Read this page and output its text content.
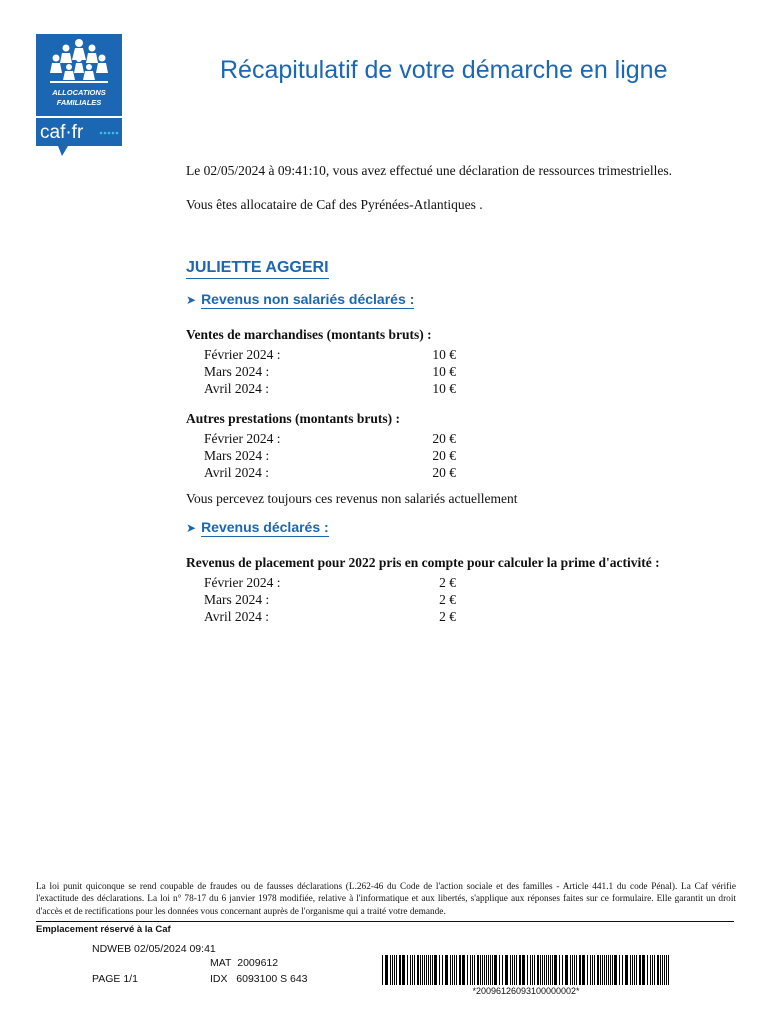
ALLOCATIONS
FAMILIALES
caf·fr
Récapitulatif de votre démarche en ligne

Le 02/05/2024 à 09:41:10, vous avez effectué une déclaration de ressources trimestrielles.

Vous êtes allocataire de Caf des Pyrénées-Atlantiques .

JULIETTE AGGERI
➤ Revenus non salariés déclarés :
Ventes de marchandises (montants bruts) :
Février 2024 :	10 €
Mars 2024 :	10 €
Avril 2024 :	10 €
Autres prestations (montants bruts) :
Février 2024 :	20 €
Mars 2024 :	20 €
Avril 2024 :	20 €
Vous percevez toujours ces revenus non salariés actuellement
➤ Revenus déclarés :
Revenus de placement pour 2022 pris en compte pour calculer la prime d'activité :
Février 2024 :	2 €
Mars 2024 :	2 €
Avril 2024 :	2 €
La loi punit quiconque se rend coupable de fraudes ou de fausses déclarations (L.262-46 du Code de l'action sociale et des familles - Article 441.1 du code Pénal). La Caf vérifie l'exactitude des déclarations. La loi n° 78-17 du 6 janvier 1978 modifiée, relative à l'informatique et aux libertés, s'applique aux réponses faites sur ce formulaire. Elle garantit un droit d'accès et de rectifications pour les données vous concernant auprès de l'organisme qui a traité votre demande.
Emplacement réservé à la Caf
NDWEB 02/05/2024 09:41
MAT 2009612
PAGE 1/1	IDX 6093100 S 643
*20096126093100000002*
